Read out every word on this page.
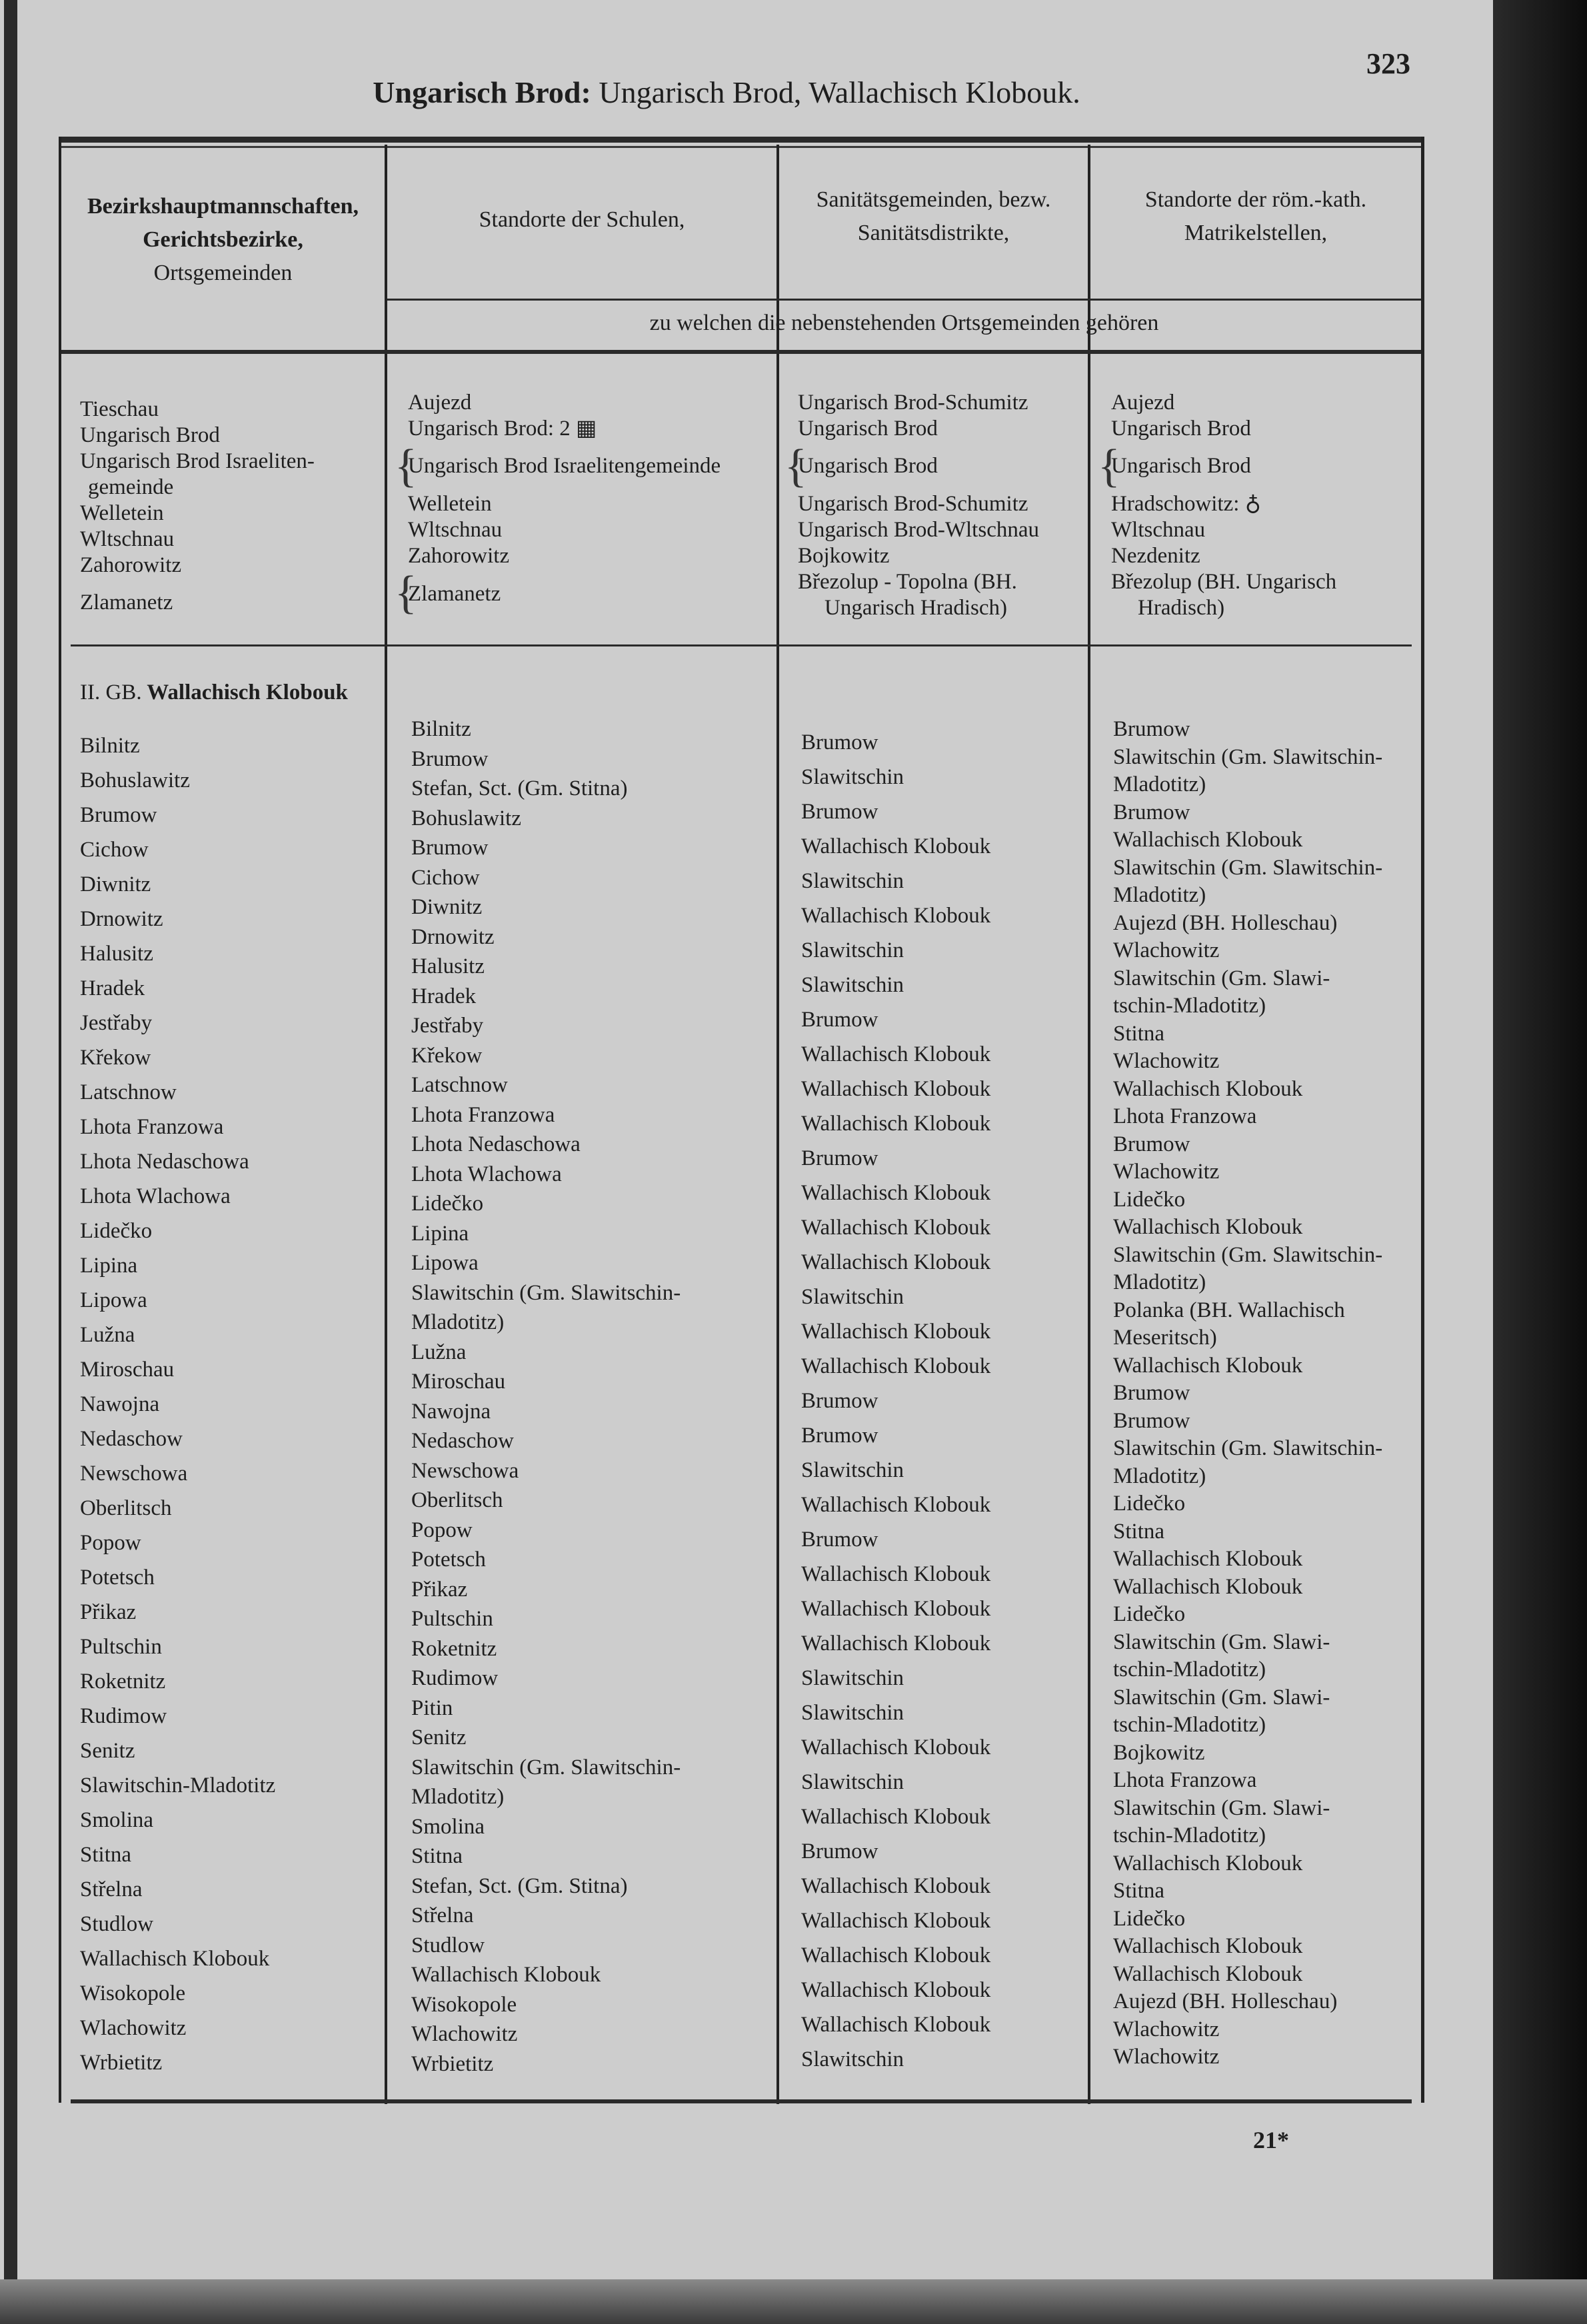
323
Ungarisch Brod: Ungarisch Brod, Wallachisch Klobouk.
Bezirkshauptmannschaften,
Gerichtsbezirke,
Ortsgemeinden
Standorte der Schulen,
Sanitätsgemeinden, bezw.
Sanitätsdistrikte,
Standorte der röm.-kath.
Matrikelstellen,
zu welchen die nebenstehenden Ortsgemeinden gehören
Tieschau
Ungarisch Brod
Ungarisch Brod Israeliten-
gemeinde
Welletein
Wltschnau
Zahorowitz
Zlamanetz
Aujezd
Ungarisch Brod: 2 ▦
{
Ungarisch Brod Israelitengemeinde
Welletein
Wltschnau
Zahorowitz
{
Zlamanetz
Ungarisch Brod-Schumitz
Ungarisch Brod
{
Ungarisch Brod
Ungarisch Brod-Schumitz
Ungarisch Brod-Wltschnau
Bojkowitz
Březolup - Topolna (BH.
Ungarisch Hradisch)
Aujezd
Ungarisch Brod
{
Ungarisch Brod
Hradschowitz: ♁
Wltschnau
Nezdenitz
Březolup (BH. Ungarisch
Hradisch)
II. GB. Wallachisch Klobouk
Bilnitz
Bohuslawitz
Brumow
Cichow
Diwnitz
Drnowitz
Halusitz
Hradek
Jestřaby
Křekow
Latschnow
Lhota Franzowa
Lhota Nedaschowa
Lhota Wlachowa
Lidečko
Lipina
Lipowa
Lužna
Miroschau
Nawojna
Nedaschow
Newschowa
Oberlitsch
Popow
Potetsch
Přikaz
Pultschin
Roketnitz
Rudimow
Senitz
Slawitschin-Mladotitz
Smolina
Stitna
Střelna
Studlow
Wallachisch Klobouk
Wisokopole
Wlachowitz
Wrbietitz
Bilnitz
Brumow
Stefan, Sct. (Gm. Stitna)
Bohuslawitz
Brumow
Cichow
Diwnitz
Drnowitz
Halusitz
Hradek
Jestřaby
Křekow
Latschnow
Lhota Franzowa
Lhota Nedaschowa
Lhota Wlachowa
Lidečko
Lipina
Lipowa
Slawitschin (Gm. Slawitschin-
Mladotitz)
Lužna
Miroschau
Nawojna
Nedaschow
Newschowa
Oberlitsch
Popow
Potetsch
Přikaz
Pultschin
Roketnitz
Rudimow
Pitin
Senitz
Slawitschin (Gm. Slawitschin-
Mladotitz)
Smolina
Stitna
Stefan, Sct. (Gm. Stitna)
Střelna
Studlow
Wallachisch Klobouk
Wisokopole
Wlachowitz
Wrbietitz
Brumow
Slawitschin
Brumow
Wallachisch Klobouk
Slawitschin
Wallachisch Klobouk
Slawitschin
Slawitschin
Brumow
Wallachisch Klobouk
Wallachisch Klobouk
Wallachisch Klobouk
Brumow
Wallachisch Klobouk
Wallachisch Klobouk
Wallachisch Klobouk
Slawitschin
Wallachisch Klobouk
Wallachisch Klobouk
Brumow
Brumow
Slawitschin
Wallachisch Klobouk
Brumow
Wallachisch Klobouk
Wallachisch Klobouk
Wallachisch Klobouk
Slawitschin
Slawitschin
Wallachisch Klobouk
Slawitschin
Wallachisch Klobouk
Brumow
Wallachisch Klobouk
Wallachisch Klobouk
Wallachisch Klobouk
Wallachisch Klobouk
Wallachisch Klobouk
Slawitschin
Brumow
Slawitschin (Gm. Slawitschin-
Mladotitz)
Brumow
Wallachisch Klobouk
Slawitschin (Gm. Slawitschin-
Mladotitz)
Aujezd (BH. Holleschau)
Wlachowitz
Slawitschin (Gm. Slawi-
tschin-Mladotitz)
Stitna
Wlachowitz
Wallachisch Klobouk
Lhota Franzowa
Brumow
Wlachowitz
Lidečko
Wallachisch Klobouk
Slawitschin (Gm. Slawitschin-
Mladotitz)
Polanka (BH. Wallachisch
Meseritsch)
Wallachisch Klobouk
Brumow
Brumow
Slawitschin (Gm. Slawitschin-
Mladotitz)
Lidečko
Stitna
Wallachisch Klobouk
Wallachisch Klobouk
Lidečko
Slawitschin (Gm. Slawi-
tschin-Mladotitz)
Slawitschin (Gm. Slawi-
tschin-Mladotitz)
Bojkowitz
Lhota Franzowa
Slawitschin (Gm. Slawi-
tschin-Mladotitz)
Wallachisch Klobouk
Stitna
Lidečko
Wallachisch Klobouk
Wallachisch Klobouk
Aujezd (BH. Holleschau)
Wlachowitz
Wlachowitz
21*
